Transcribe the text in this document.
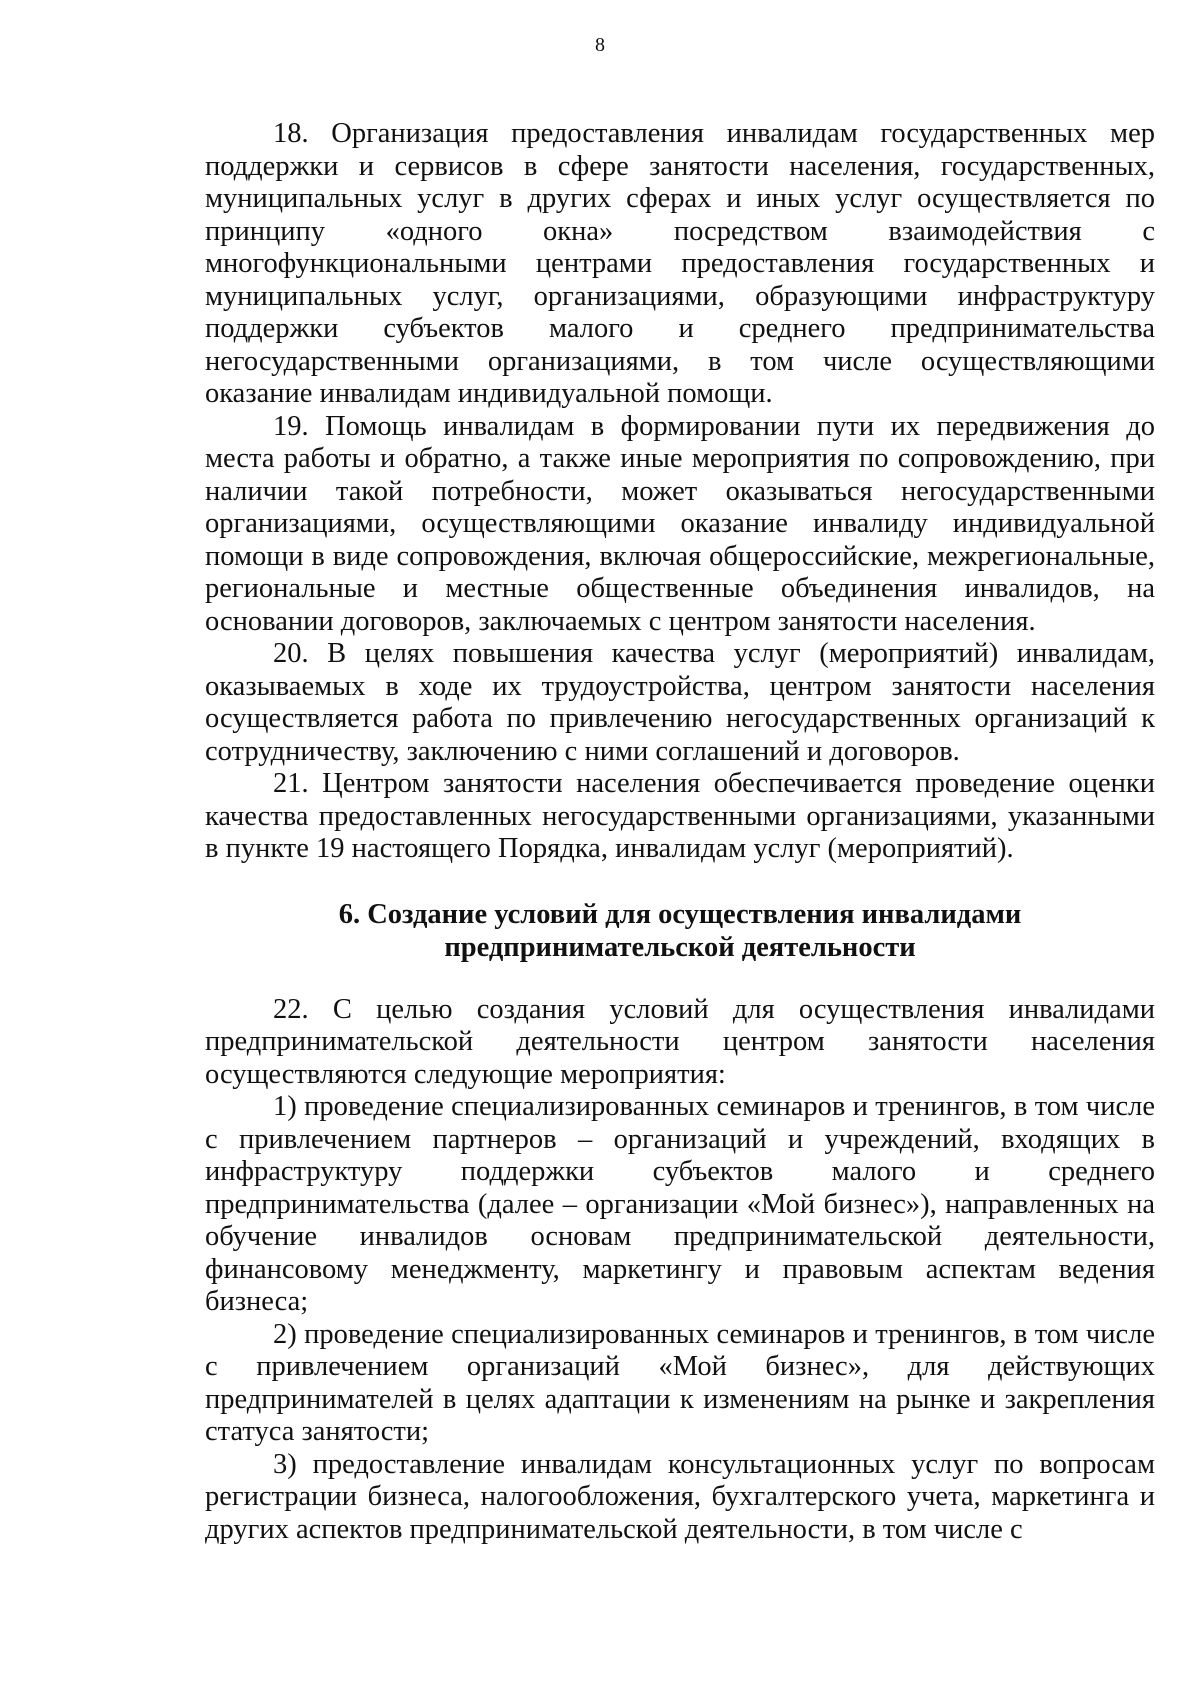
8

18. Организация предоставления инвалидам государственных мер поддержки и сервисов в сфере занятости населения, государственных, муниципальных услуг в других сферах и иных услуг осуществляется по принципу «одного окна» посредством взаимодействия с многофункциональными центрами предоставления государственных и муниципальных услуг, организациями, образующими инфраструктуру поддержки субъектов малого и среднего предпринимательства негосударственными организациями, в том числе осуществляющими оказание инвалидам индивидуальной помощи.

19. Помощь инвалидам в формировании пути их передвижения до места работы и обратно, а также иные мероприятия по сопровождению, при наличии такой потребности, может оказываться негосударственными организациями, осуществляющими оказание инвалиду индивидуальной помощи в виде сопровождения, включая общероссийские, межрегиональные, региональные и местные общественные объединения инвалидов, на основании договоров, заключаемых с центром занятости населения.

20. В целях повышения качества услуг (мероприятий) инвалидам, оказываемых в ходе их трудоустройства, центром занятости населения осуществляется работа по привлечению негосударственных организаций к сотрудничеству, заключению с ними соглашений и договоров.

21. Центром занятости населения обеспечивается проведение оценки качества предоставленных негосударственными организациями, указанными в пункте 19 настоящего Порядка, инвалидам услуг (мероприятий).

6. Создание условий для осуществления инвалидами
предпринимательской деятельности

22. С целью создания условий для осуществления инвалидами предпринимательской деятельности центром занятости населения осуществляются следующие мероприятия:

1) проведение специализированных семинаров и тренингов, в том числе с привлечением партнеров – организаций и учреждений, входящих в инфраструктуру поддержки субъектов малого и среднего предпринимательства (далее – организации «Мой бизнес»), направленных на обучение инвалидов основам предпринимательской деятельности, финансовому менеджменту, маркетингу и правовым аспектам ведения бизнеса;

2) проведение специализированных семинаров и тренингов, в том числе с привлечением организаций «Мой бизнес», для действующих предпринимателей в целях адаптации к изменениям на рынке и закрепления статуса занятости;

3) предоставление инвалидам консультационных услуг по вопросам регистрации бизнеса, налогообложения, бухгалтерского учета, маркетинга и других аспектов предпринимательской деятельности, в том числе с
